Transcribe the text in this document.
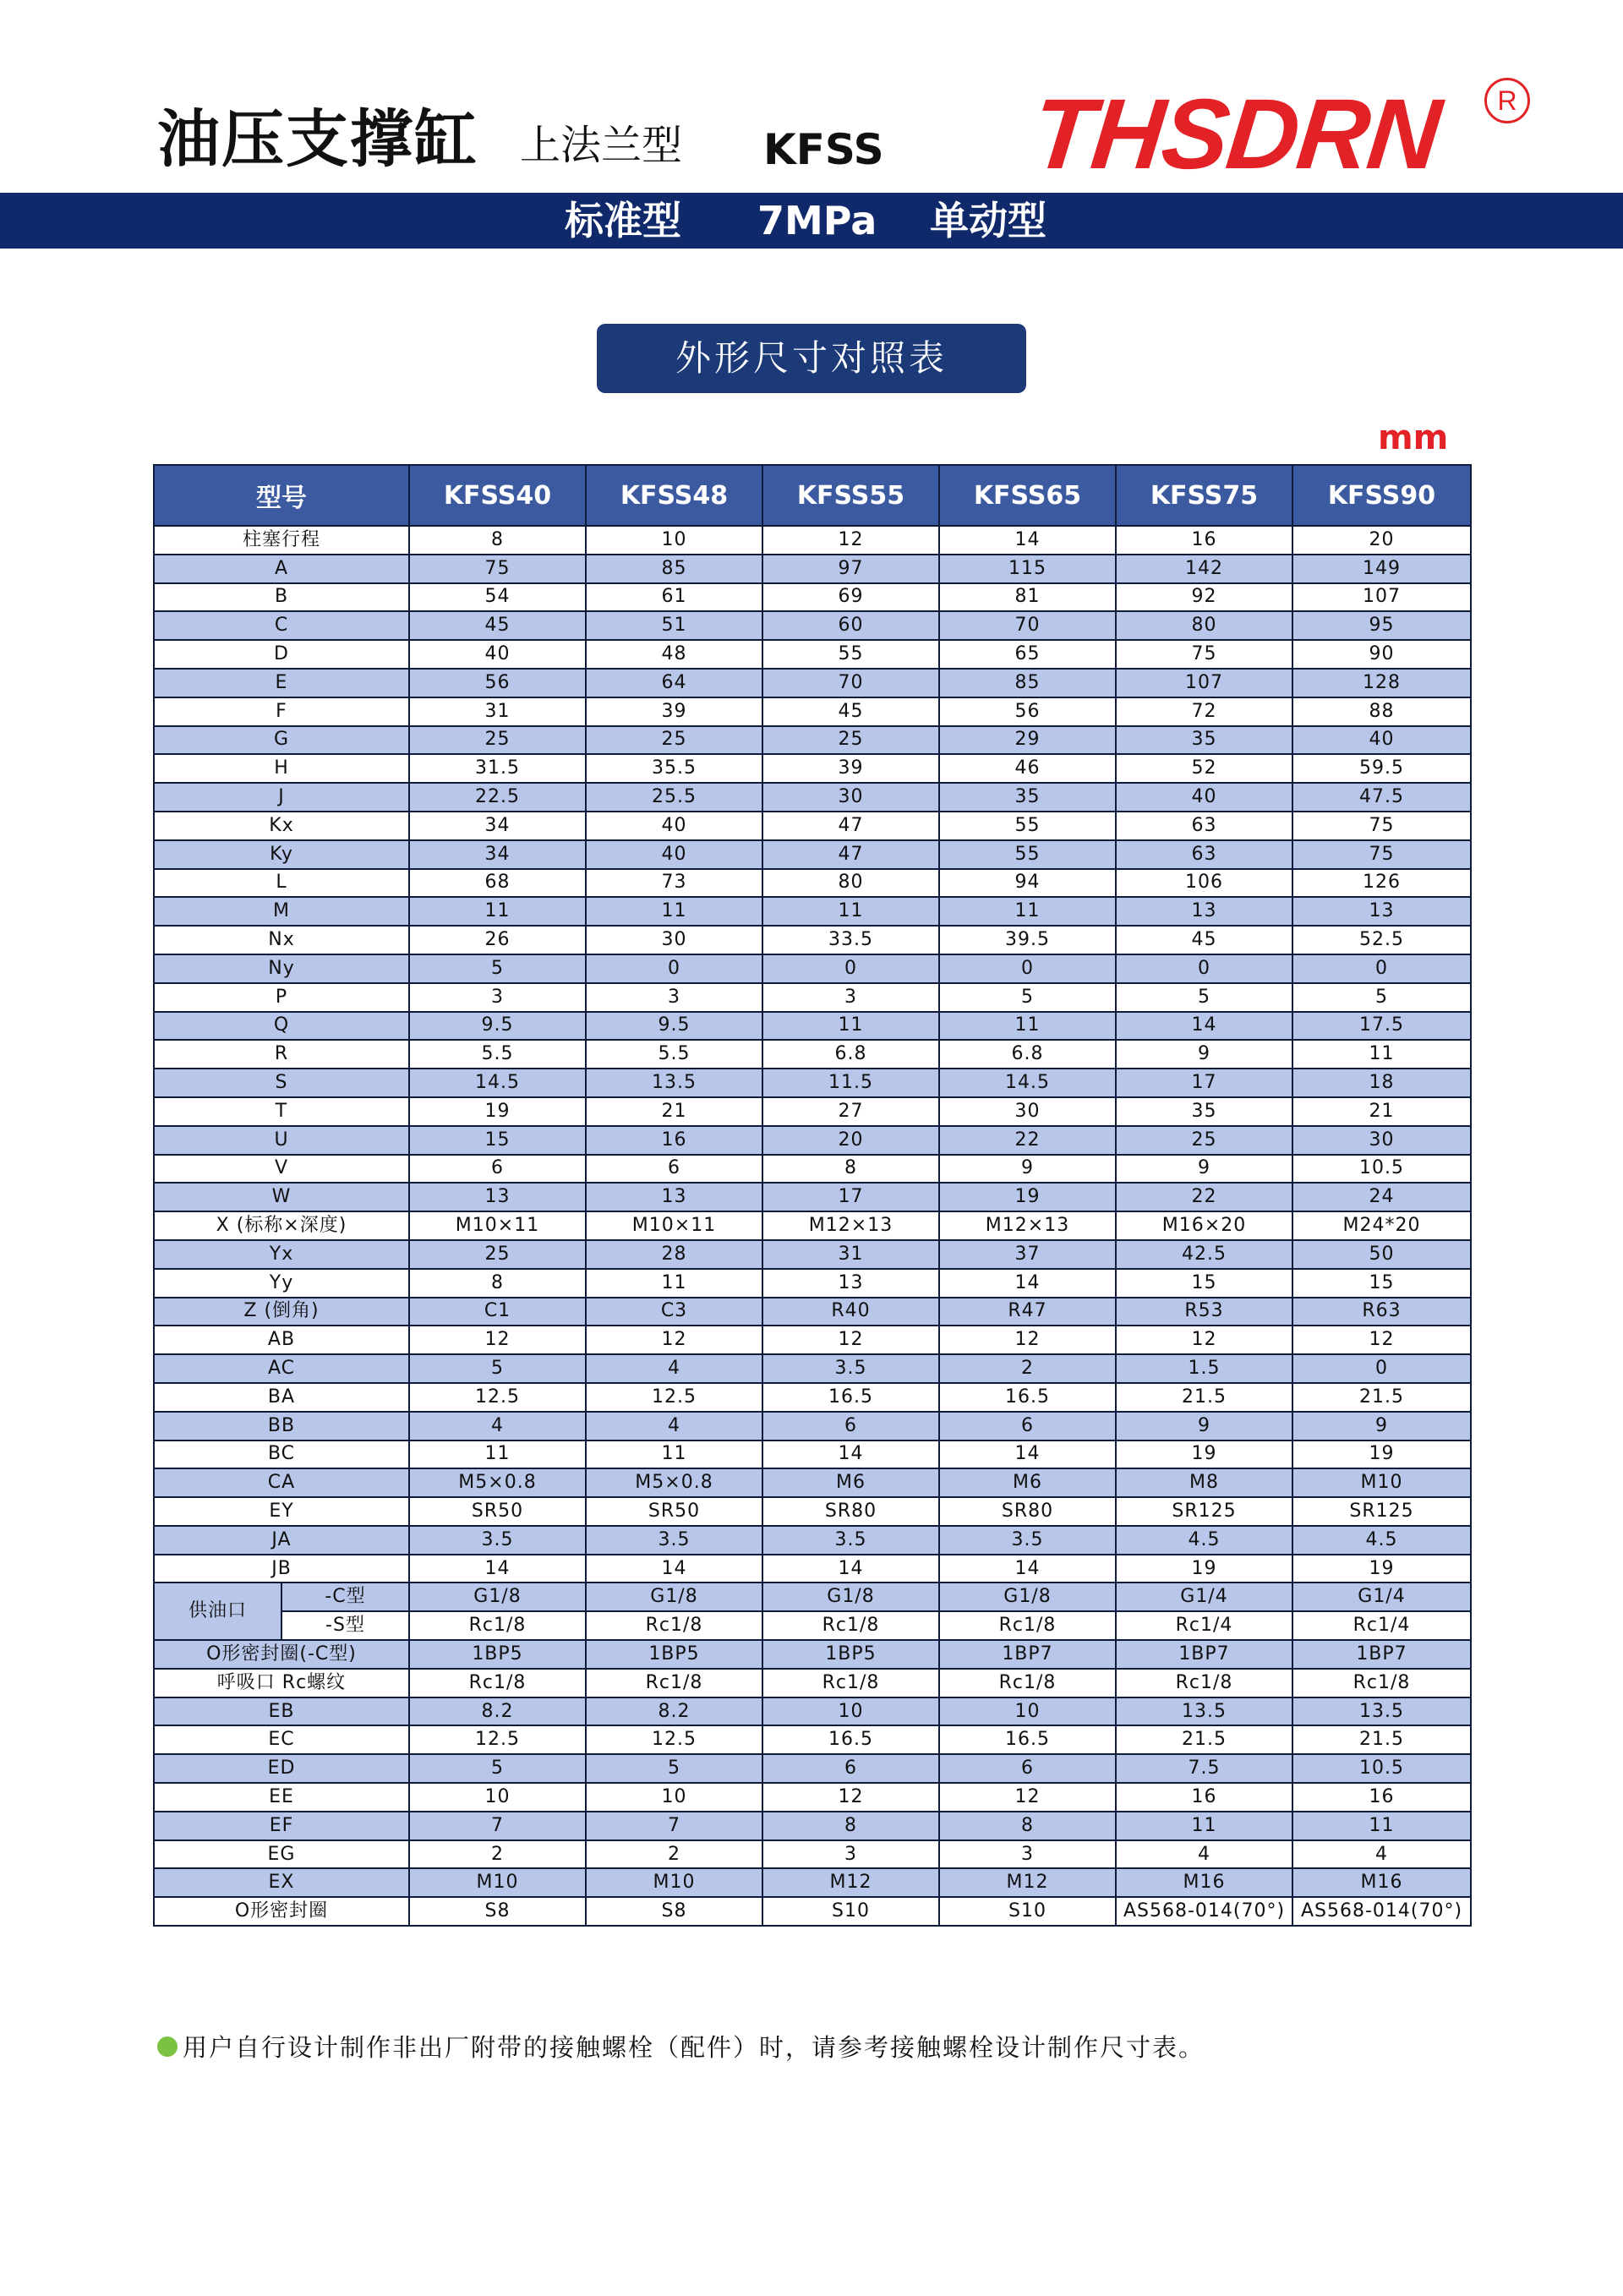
油压支撑缸 上法兰型 KFSS THSDRN	R
标准型 7MPa 单动型
外形尺寸对照表
mm
型号		KFSS40	KFSS48	KFSS55	KFSS65	KFSS75	KFSS90
柱塞行程		8	10	12	14	16	20
A		75	85	97	115	142	149
B		54	61	69	81	92	107
C		45	51	60	70	80	95
D		40	48	55	65	75	90
E		56	64	70	85	107	128
F		31	39	45	56	72	88
G		25	25	25	29	35	40
H		31.5	35.5	39	46	52	59.5
J		22.5	25.5	30	35	40	47.5
Kx		34	40	47	55	63	75
Ky		34	40	47	55	63	75
L		68	73	80	94	106	126
M		11	11	11	11	13	13
Nx		26	30	33.5	39.5	45	52.5
Ny		5	0	0	0	0	0
P		3	3	3	5	5	5
Q		9.5	9.5	11	11	14	17.5
R		5.5	5.5	6.8	6.8	9	11
S		14.5	13.5	11.5	14.5	17	18
T		19	21	27	30	35	21
U		15	16	20	22	25	30
V		6	6	8	9	9	10.5
W		13	13	17	19	22	24
X (标称×深度)		M10×11	M10×11	M12×13	M12×13	M16×20	M24*20
Yx		25	28	31	37	42.5	50
Yy		8	11	13	14	15	15
Z (倒角)		C1	C3	R40	R47	R53	R63
AB		12	12	12	12	12	12
AC		5	4	3.5	2	1.5	0
BA		12.5	12.5	16.5	16.5	21.5	21.5
BB		4	4	6	6	9	9
BC		11	11	14	14	19	19
CA		M5×0.8	M5×0.8	M6	M6	M8	M10
EY		SR50	SR50	SR80	SR80	SR125	SR125
JA		3.5	3.5	3.5	3.5	4.5	4.5
JB		14	14	14	14	19	19
供油口	-C型	G1/8	G1/8	G1/8	G1/8	G1/4	G1/4
	-S型	Rc1/8	Rc1/8	Rc1/8	Rc1/8	Rc1/4	Rc1/4
O形密封圈(-C型)		1BP5	1BP5	1BP5	1BP7	1BP7	1BP7
呼吸口 Rc螺纹		Rc1/8	Rc1/8	Rc1/8	Rc1/8	Rc1/8	Rc1/8
EB		8.2	8.2	10	10	13.5	13.5
EC		12.5	12.5	16.5	16.5	21.5	21.5
ED		5	5	6	6	7.5	10.5
EE		10	10	12	12	16	16
EF		7	7	8	8	11	11
EG		2	2	3	3	4	4
EX		M10	M10	M12	M12	M16	M16
O形密封圈		S8	S8	S10	S10	AS568-014(70°)	AS568-014(70°)
用户自行设计制作非出厂附带的接触螺栓（配件）时，请参考接触螺栓设计制作尺寸表。
